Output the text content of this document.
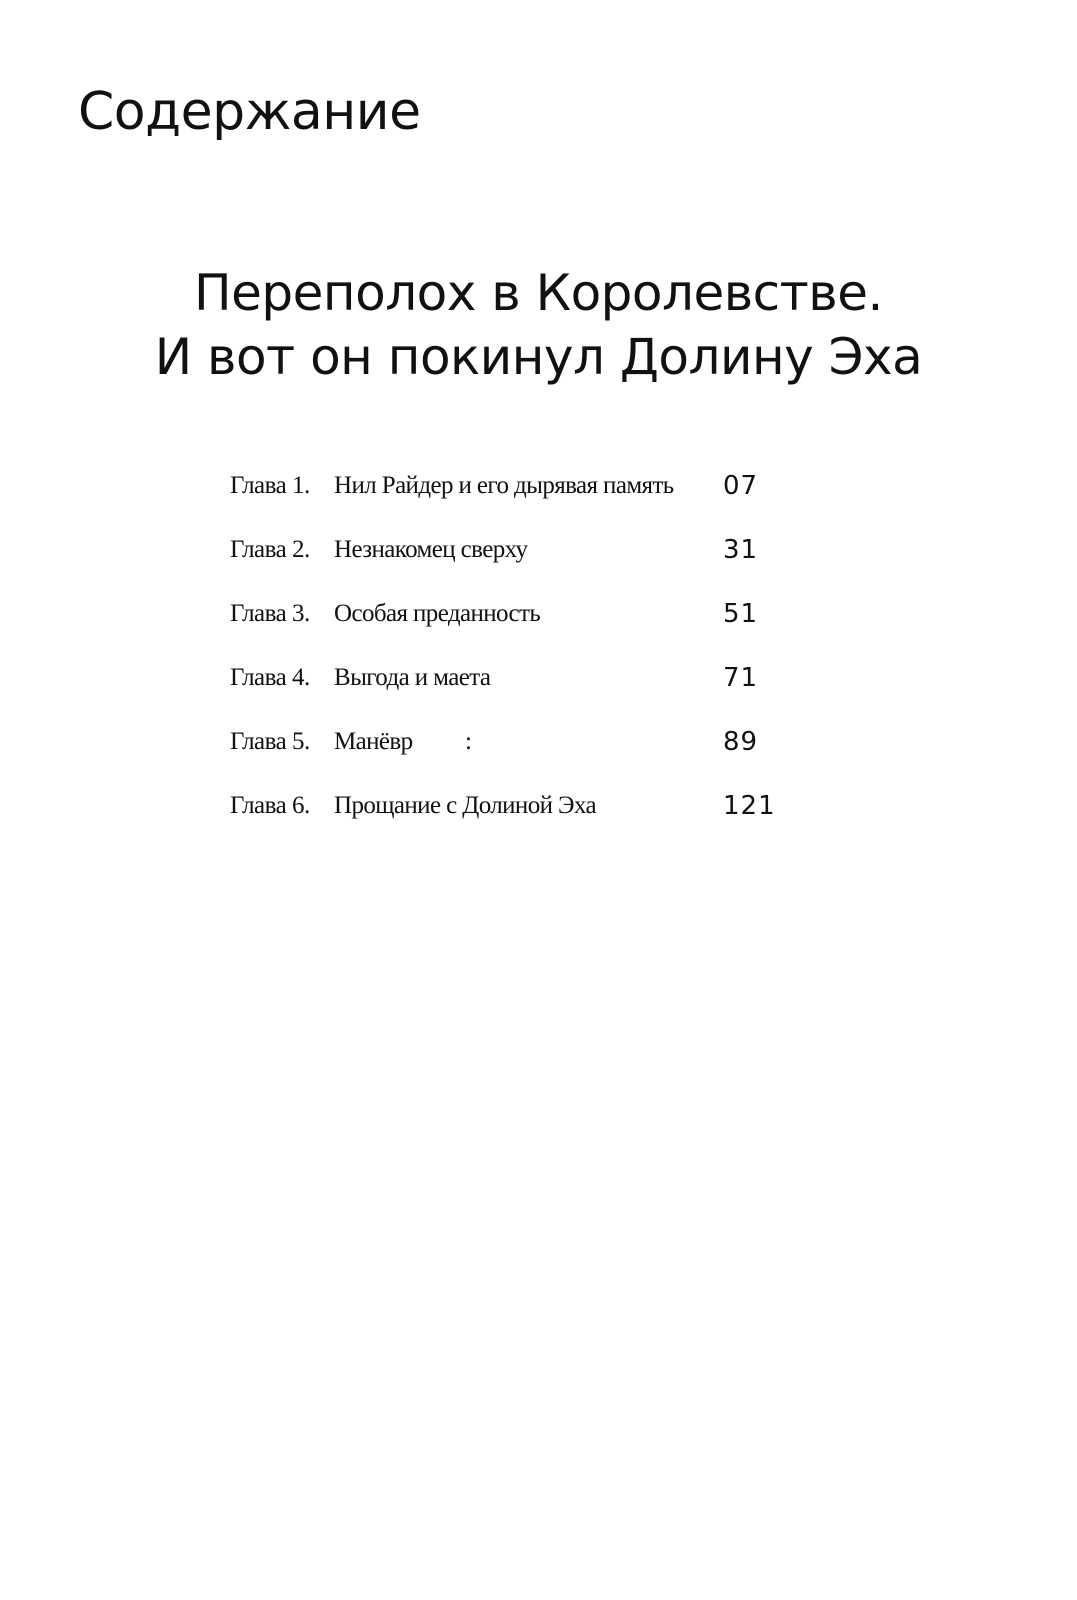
Содержание
Переполох в Королевстве.
И вот он покинул Долину Эха
Глава 1. Нил Райдер и его дырявая память 07
Глава 2. Незнакомец сверху	31
Глава 3. Особая преданность	51
Глава 4. Выгода и маета	71
Глава 5. Манёвр :	89
Глава 6. Прощание с Долиной Эха	121
